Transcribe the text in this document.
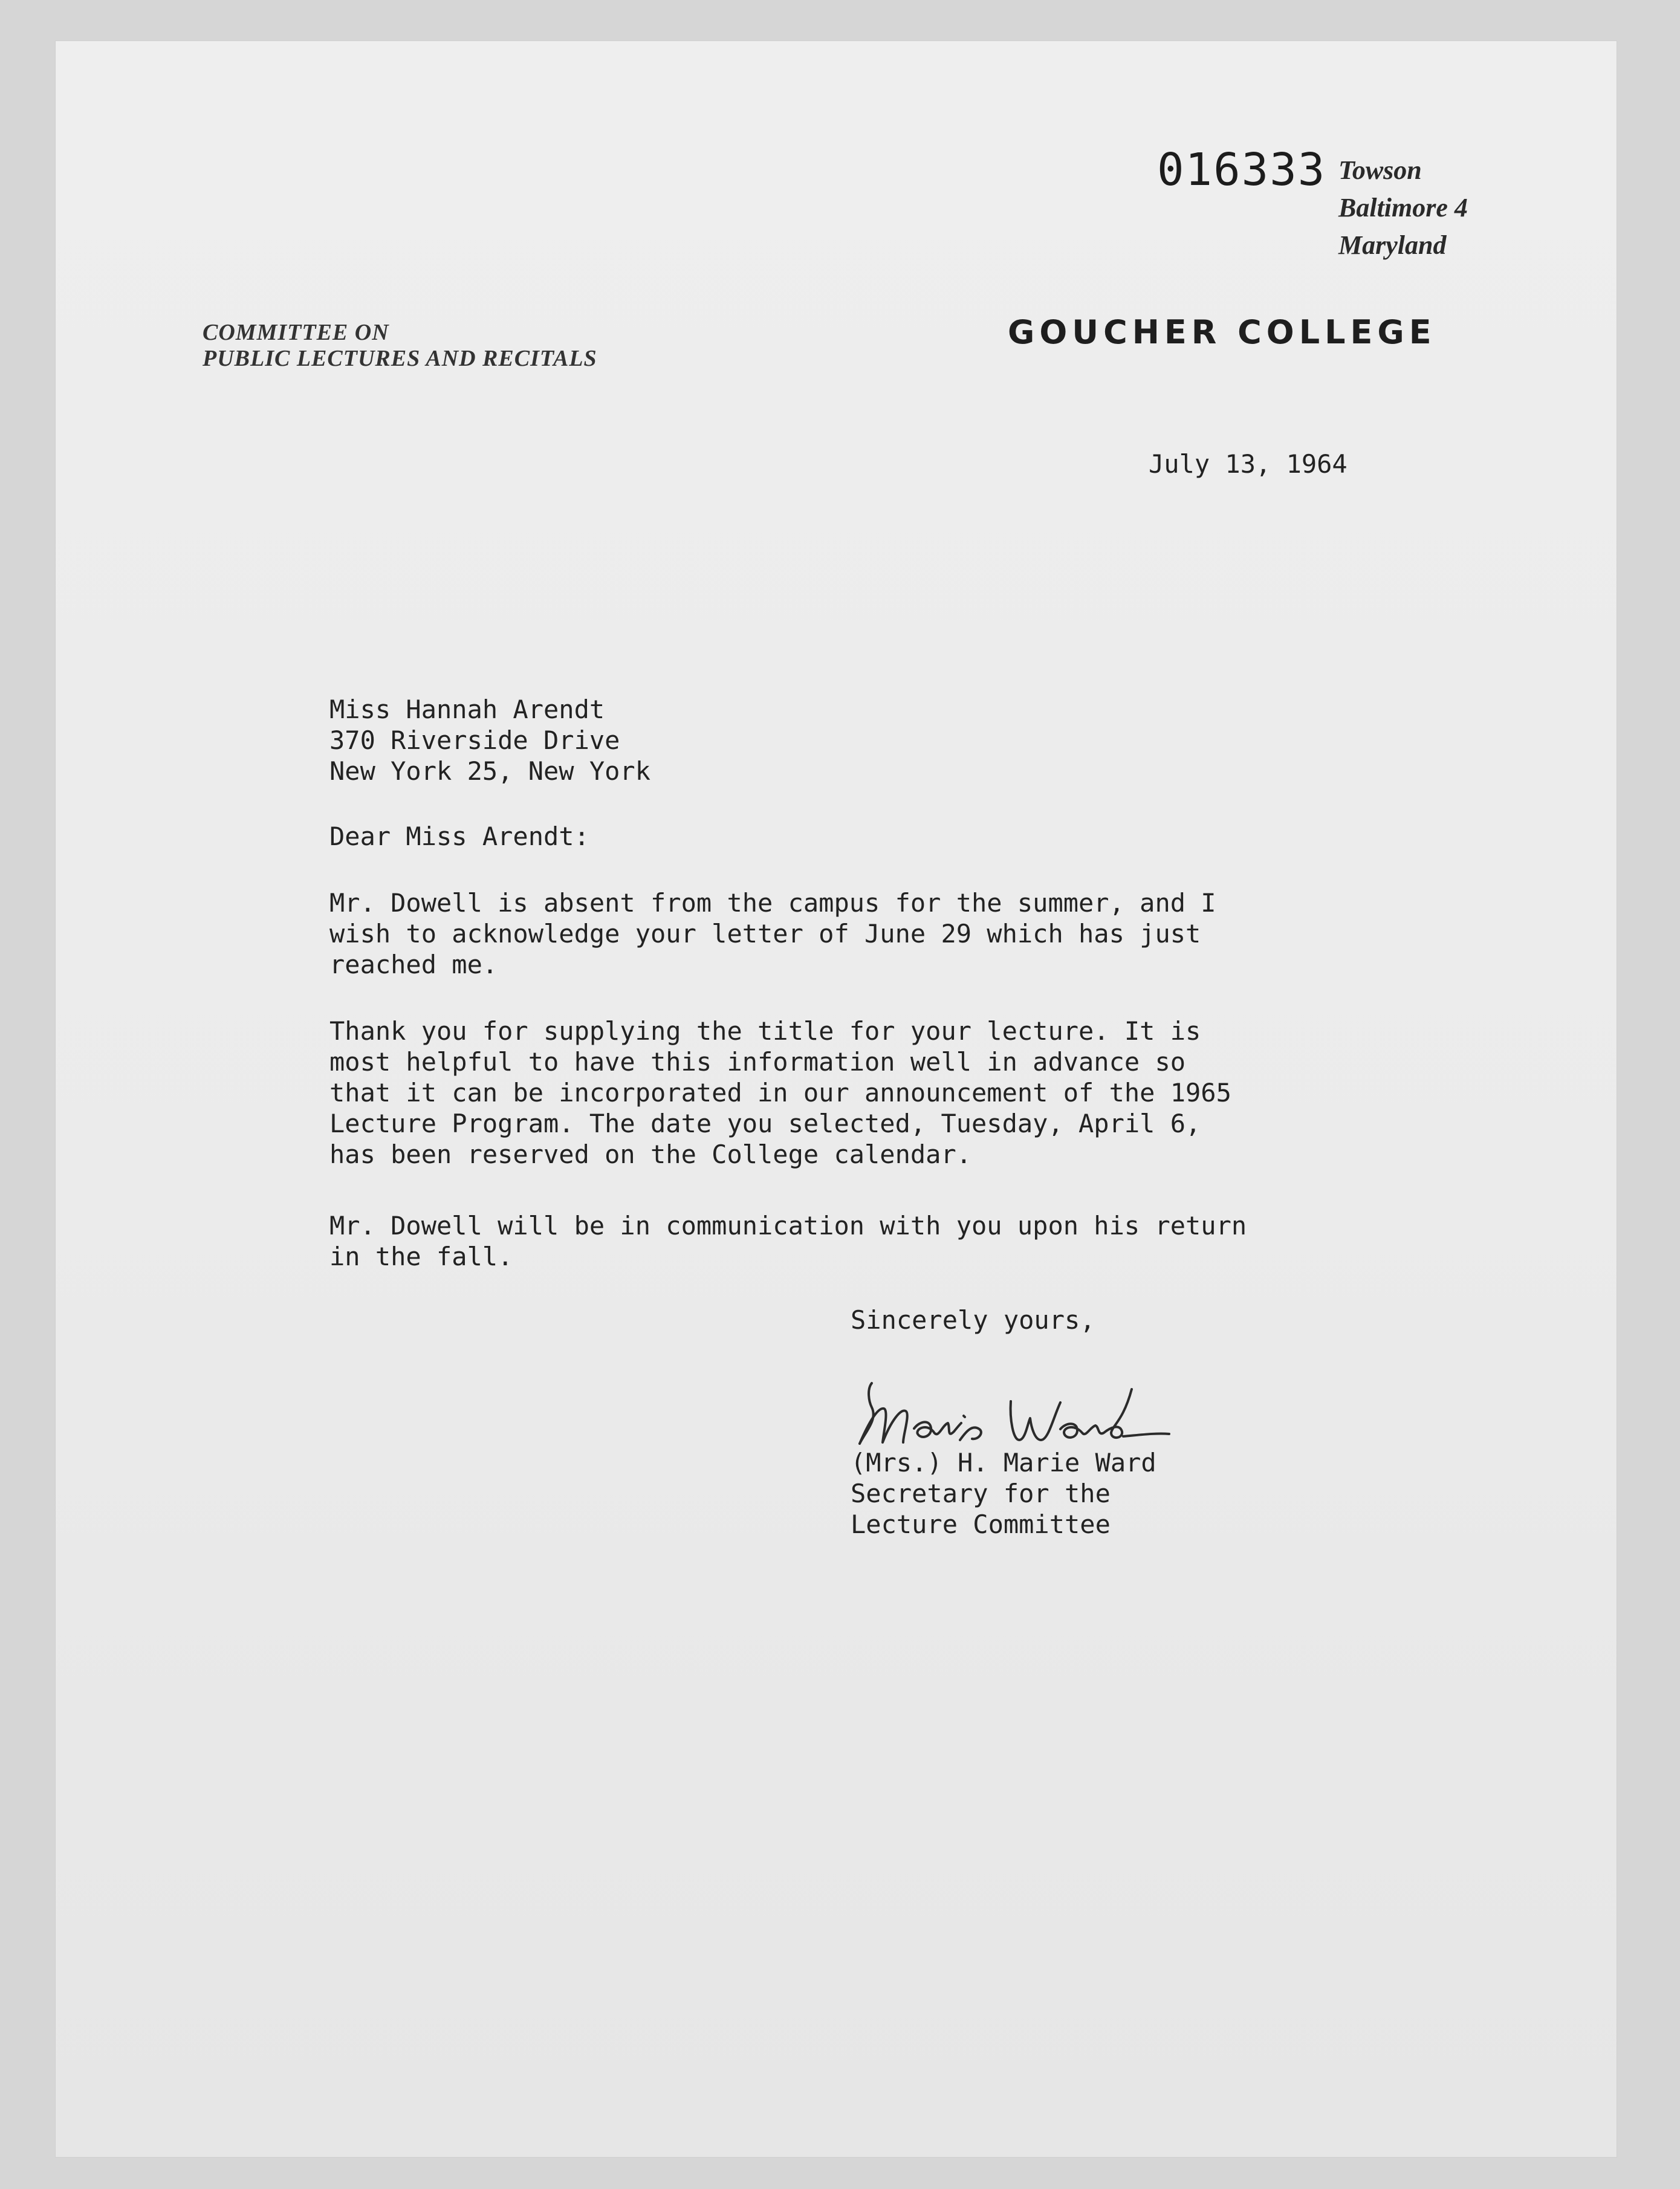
016333 Towson
Baltimore 4
Maryland
COMMITTEE ON
PUBLIC LECTURES AND RECITALS
GOUCHER COLLEGE
July 13, 1964
Miss Hannah Arendt
370 Riverside Drive
New York 25, New York
Dear Miss Arendt:
Mr. Dowell is absent from the campus for the summer, and I
wish to acknowledge your letter of June 29 which has just
reached me.
Thank you for supplying the title for your lecture. It is
most helpful to have this information well in advance so
that it can be incorporated in our announcement of the 1965
Lecture Program. The date you selected, Tuesday, April 6,
has been reserved on the College calendar.
Mr. Dowell will be in communication with you upon his return
in the fall.
Sincerely yours,
(Mrs.) H. Marie Ward
Secretary for the
Lecture Committee
